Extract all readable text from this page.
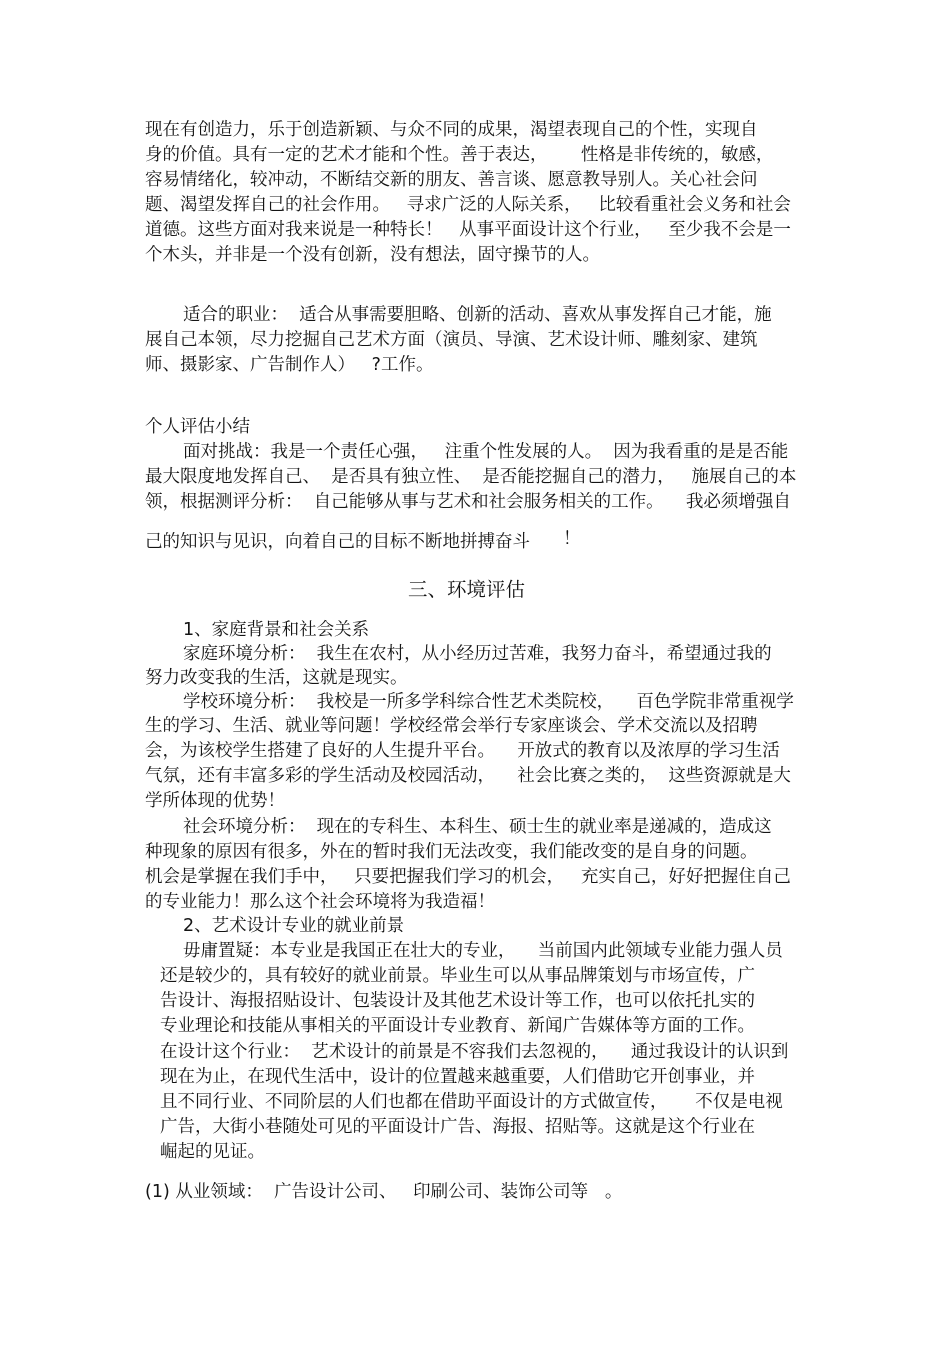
现在有创造力，乐于创造新颖、与众不同的成果，渴望表现自己的个性，实现自
身的价值。具有一定的艺术才能和个性。善于表达，      性格是非传统的，敏感，
容易情绪化，较冲动，不断结交新的朋友、善言谈、愿意教导别人。关心社会问
题、渴望发挥自己的社会作用。   寻求广泛的人际关系，   比较看重社会义务和社会
道德。这些方面对我来说是一种特长！   从事平面设计这个行业，   至少我不会是一
个木头，并非是一个没有创新，没有想法，固守操节的人。
适合的职业：  适合从事需要胆略、创新的活动、喜欢从事发挥自己才能，施
展自己本领，尽力挖掘自己艺术方面（演员、导演、艺术设计师、雕刻家、建筑
师、摄影家、广告制作人）   ?工作。
个人评估小结
面对挑战：我是一个责任心强，   注重个性发展的人。  因为我看重的是是否能
最大限度地发挥自己、  是否具有独立性、  是否能挖掘自己的潜力，   施展自己的本
领，根据测评分析：  自己能够从事与艺术和社会服务相关的工作。    我必须增强自
己的知识与见识，向着自己的目标不断地拼搏奋斗 ！
三、环境评估
1、家庭背景和社会关系
家庭环境分析：  我生在农村，从小经历过苦难，我努力奋斗，希望通过我的
努力改变我的生活，这就是现实。
学校环境分析：  我校是一所多学科综合性艺术类院校，    百色学院非常重视学
生的学习、生活、就业等问题！学校经常会举行专家座谈会、学术交流以及招聘
会，为该校学生搭建了良好的人生提升平台。    开放式的教育以及浓厚的学习生活
气氛，还有丰富多彩的学生活动及校园活动，    社会比赛之类的，  这些资源就是大
学所体现的优势！
社会环境分析：  现在的专科生、本科生、硕士生的就业率是递减的，造成这
种现象的原因有很多，外在的暂时我们无法改变，我们能改变的是自身的问题。
机会是掌握在我们手中，   只要把握我们学习的机会，   充实自己，好好把握住自己
的专业能力！那么这个社会环境将为我造福！
2、艺术设计专业的就业前景
毋庸置疑：本专业是我国正在壮大的专业，    当前国内此领域专业能力强人员
还是较少的，具有较好的就业前景。毕业生可以从事品牌策划与市场宣传，广
告设计、海报招贴设计、包装设计及其他艺术设计等工作，也可以依托扎实的
专业理论和技能从事相关的平面设计专业教育、新闻广告媒体等方面的工作。
在设计这个行业：  艺术设计的前景是不容我们去忽视的，    通过我设计的认识到
现在为止，在现代生活中，设计的位置越来越重要，人们借助它开创事业，并
且不同行业、不同阶层的人们也都在借助平面设计的方式做宣传，     不仅是电视
广告，大街小巷随处可见的平面设计广告、海报、招贴等。这就是这个行业在
崛起的见证。
(1) 从业领域：  广告设计公司、   印刷公司、装饰公司等   。
